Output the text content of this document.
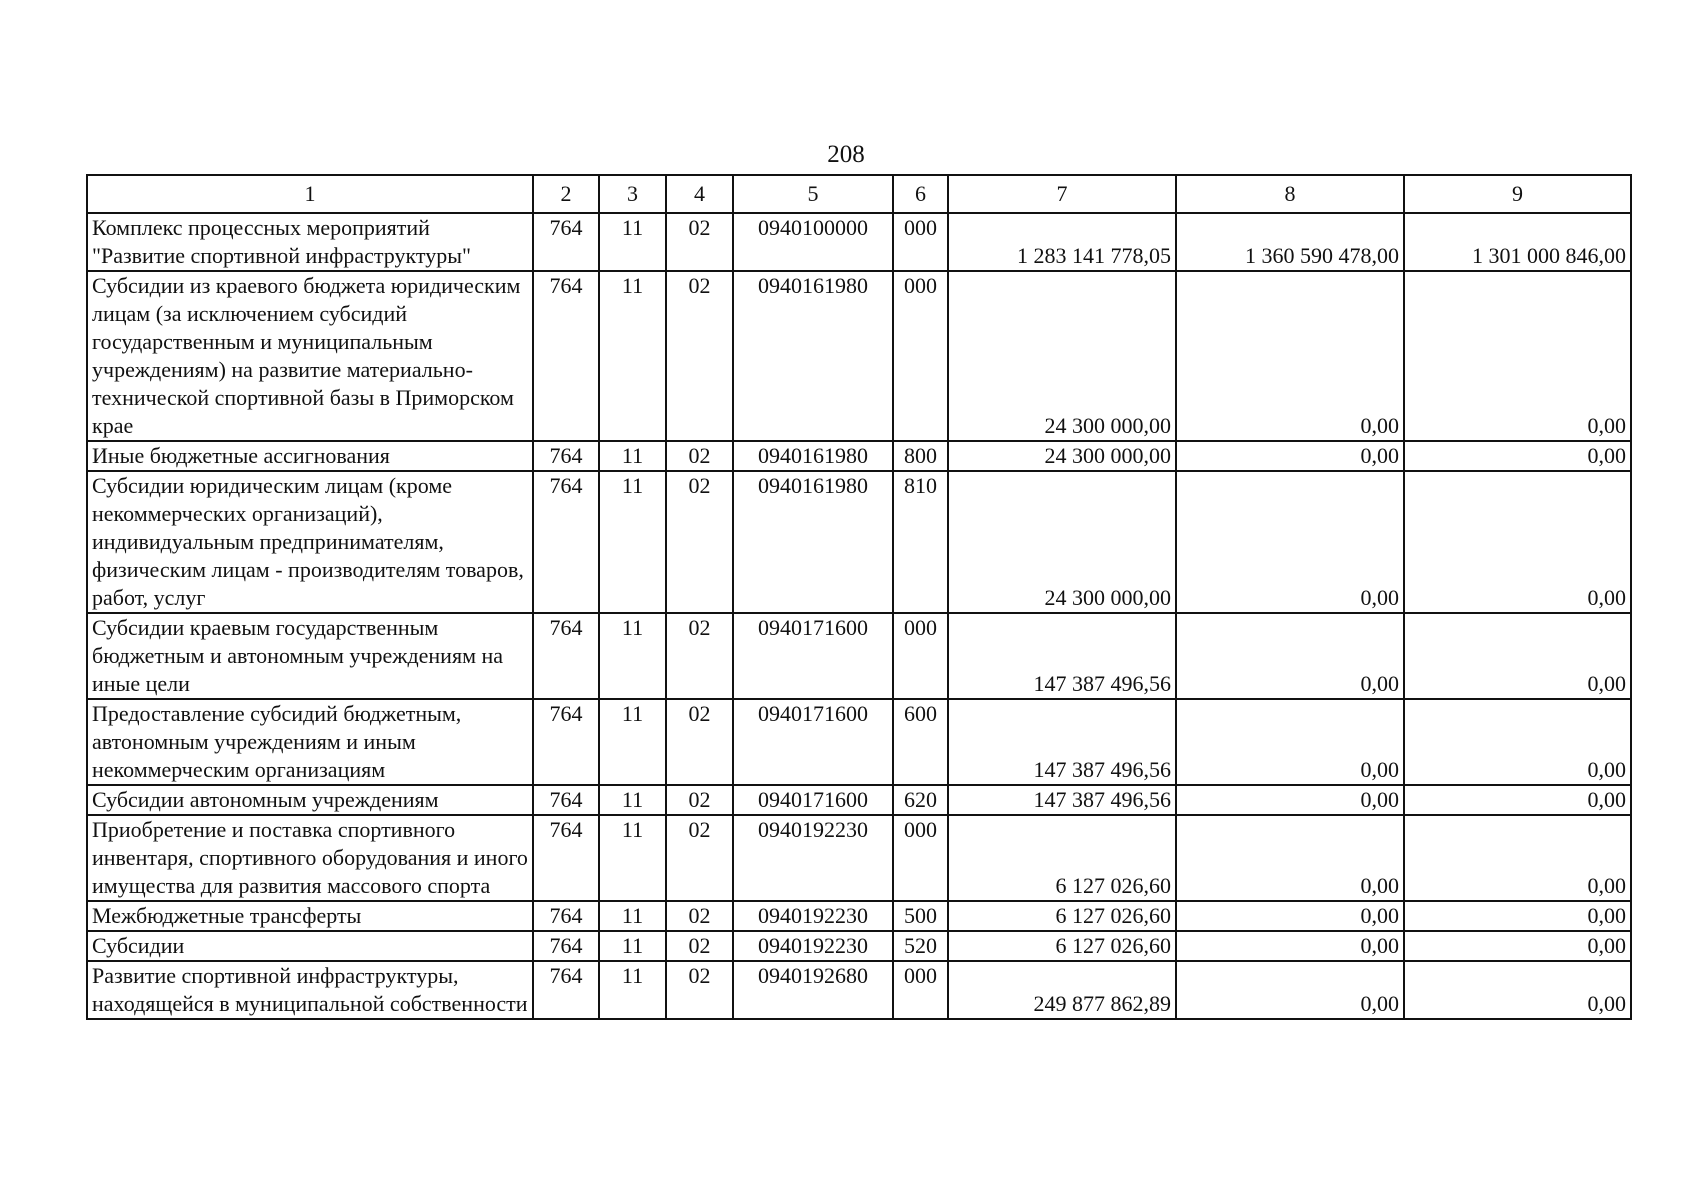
208
1	2	3	4	5	6	7	8	9
Комплекс процессных мероприятий "Развитие спортивной инфраструктуры"	764	11	02	0940100000	000	1 283 141 778,05	1 360 590 478,00	1 301 000 846,00
Субсидии из краевого бюджета юридическим лицам (за исключением субсидий государственным и муниципальным учреждениям) на развитие материально-технической спортивной базы в Приморском крае	764	11	02	0940161980	000	24 300 000,00	0,00	0,00
Иные бюджетные ассигнования	764	11	02	0940161980	800	24 300 000,00	0,00	0,00
Субсидии юридическим лицам (кроме некоммерческих организаций), индивидуальным предпринимателям, физическим лицам - производителям товаров, работ, услуг	764	11	02	0940161980	810	24 300 000,00	0,00	0,00
Субсидии краевым государственным бюджетным и автономным учреждениям на иные цели	764	11	02	0940171600	000	147 387 496,56	0,00	0,00
Предоставление субсидий бюджетным, автономным учреждениям и иным некоммерческим организациям	764	11	02	0940171600	600	147 387 496,56	0,00	0,00
Субсидии автономным учреждениям	764	11	02	0940171600	620	147 387 496,56	0,00	0,00
Приобретение и поставка спортивного инвентаря, спортивного оборудования и иного имущества для развития массового спорта	764	11	02	0940192230	000	6 127 026,60	0,00	0,00
Межбюджетные трансферты	764	11	02	0940192230	500	6 127 026,60	0,00	0,00
Субсидии	764	11	02	0940192230	520	6 127 026,60	0,00	0,00
Развитие спортивной инфраструктуры, находящейся в муниципальной собственности	764	11	02	0940192680	000	249 877 862,89	0,00	0,00
